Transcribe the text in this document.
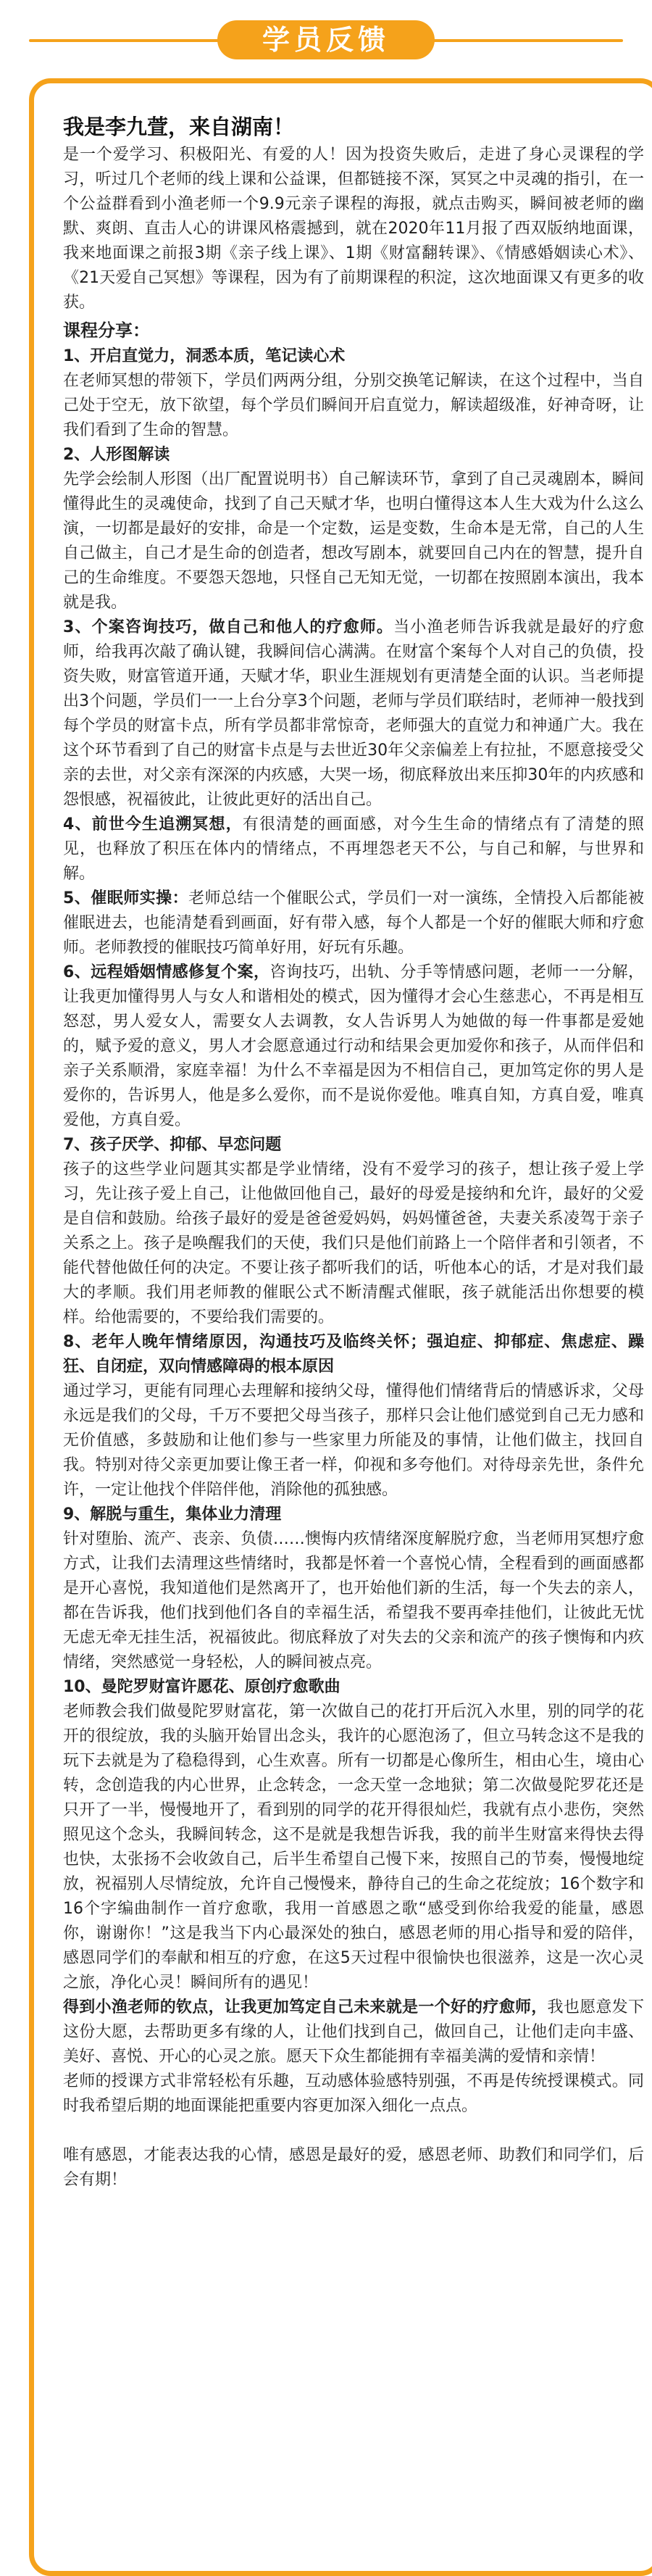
学员反馈
我是李九萱，来自湖南！

是一个爱学习、积极阳光、有爱的人！因为投资失败后，走进了身心灵课程的学习，听过几个老师的线上课和公益课，但都链接不深，冥冥之中灵魂的指引，在一个公益群看到小渔老师一个9.9元亲子课程的海报，就点击购买，瞬间被老师的幽默、爽朗、直击人心的讲课风格震撼到，就在2020年11月报了西双版纳地面课，我来地面课之前报3期《亲子线上课》、1期《财富翻转课》、《情感婚姻读心术》、《21天爱自己冥想》等课程，因为有了前期课程的积淀，这次地面课又有更多的收获。

课程分享：
1、开启直觉力，洞悉本质，笔记读心术

在老师冥想的带领下，学员们两两分组，分别交换笔记解读，在这个过程中，当自己处于空无，放下欲望，每个学员们瞬间开启直觉力，解读超级准，好神奇呀，让我们看到了生命的智慧。

2、人形图解读

先学会绘制人形图（出厂配置说明书）自己解读环节，拿到了自己灵魂剧本，瞬间懂得此生的灵魂使命，找到了自己天赋才华，也明白懂得这本人生大戏为什么这么演，一切都是最好的安排，命是一个定数，运是变数，生命本是无常，自己的人生自己做主，自己才是生命的创造者，想改写剧本，就要回自己内在的智慧，提升自己的生命维度。不要怨天怨地，只怪自己无知无觉，一切都在按照剧本演出，我本就是我。

3、个案咨询技巧，做自己和他人的疗愈师。当小渔老师告诉我就是最好的疗愈师，给我再次敲了确认键，我瞬间信心满满。在财富个案每个人对自己的负债，投资失败，财富管道开通，天赋才华，职业生涯规划有更清楚全面的认识。当老师提出3个问题，学员们一一上台分享3个问题，老师与学员们联结时，老师神一般找到每个学员的财富卡点，所有学员都非常惊奇，老师强大的直觉力和神通广大。我在这个环节看到了自己的财富卡点是与去世近30年父亲偏差上有拉扯，不愿意接受父亲的去世，对父亲有深深的内疚感，大哭一场，彻底释放出来压抑30年的内疚感和怨恨感，祝福彼此，让彼此更好的活出自己。

4、前世今生追溯冥想，有很清楚的画面感，对今生生命的情绪点有了清楚的照见，也释放了积压在体内的情绪点，不再埋怨老天不公，与自己和解，与世界和解。

5、催眠师实操：老师总结一个催眠公式，学员们一对一演练，全情投入后都能被催眠进去，也能清楚看到画面，好有带入感，每个人都是一个好的催眠大师和疗愈师。老师教授的催眠技巧简单好用，好玩有乐趣。

6、远程婚姻情感修复个案，咨询技巧，出轨、分手等情感问题，老师一一分解，让我更加懂得男人与女人和谐相处的模式，因为懂得才会心生慈悲心，不再是相互怒怼，男人爱女人，需要女人去调教，女人告诉男人为她做的每一件事都是爱她的，赋予爱的意义，男人才会愿意通过行动和结果会更加爱你和孩子，从而伴侣和亲子关系顺滑，家庭幸福！为什么不幸福是因为不相信自己，更加笃定你的男人是爱你的，告诉男人，他是多么爱你，而不是说你爱他。唯真自知，方真自爱，唯真爱他，方真自爱。

7、孩子厌学、抑郁、早恋问题

孩子的这些学业问题其实都是学业情绪，没有不爱学习的孩子，想让孩子爱上学习，先让孩子爱上自己，让他做回他自己，最好的母爱是接纳和允许，最好的父爱是自信和鼓励。给孩子最好的爱是爸爸爱妈妈，妈妈懂爸爸，夫妻关系凌驾于亲子关系之上。孩子是唤醒我们的天使，我们只是他们前路上一个陪伴者和引领者，不能代替他做任何的决定。不要让孩子都听我们的话，听他本心的话，才是对我们最大的孝顺。我们用老师教的催眠公式不断清醒式催眠，孩子就能活出你想要的模样。给他需要的，不要给我们需要的。

8、老年人晚年情绪原因，沟通技巧及临终关怀；强迫症、抑郁症、焦虑症、躁狂、自闭症，双向情感障碍的根本原因

通过学习，更能有同理心去理解和接纳父母，懂得他们情绪背后的情感诉求，父母永远是我们的父母，千万不要把父母当孩子，那样只会让他们感觉到自己无力感和无价值感，多鼓励和让他们参与一些家里力所能及的事情，让他们做主，找回自我。特别对待父亲更加要让像王者一样，仰视和多夸他们。对待母亲先世，条件允许，一定让他找个伴陪伴他，消除他的孤独感。

9、解脱与重生，集体业力清理

针对堕胎、流产、丧亲、负债……懊悔内疚情绪深度解脱疗愈，当老师用冥想疗愈方式，让我们去清理这些情绪时，我都是怀着一个喜悦心情，全程看到的画面感都是开心喜悦，我知道他们是然离开了，也开始他们新的生活，每一个失去的亲人，都在告诉我，他们找到他们各自的幸福生活，希望我不要再牵挂他们，让彼此无忧无虑无牵无挂生活，祝福彼此。彻底释放了对失去的父亲和流产的孩子懊悔和内疚情绪，突然感觉一身轻松，人的瞬间被点亮。

10、曼陀罗财富许愿花、原创疗愈歌曲

老师教会我们做曼陀罗财富花，第一次做自己的花打开后沉入水里，别的同学的花开的很绽放，我的头脑开始冒出念头，我许的心愿泡汤了，但立马转念这不是我的玩下去就是为了稳稳得到，心生欢喜。所有一切都是心像所生，相由心生，境由心转，念创造我的内心世界，止念转念，一念天堂一念地狱；第二次做曼陀罗花还是只开了一半，慢慢地开了，看到别的同学的花开得很灿烂，我就有点小悲伤，突然照见这个念头，我瞬间转念，这不是就是我想告诉我，我的前半生财富来得快去得也快，太张扬不会收敛自己，后半生希望自己慢下来，按照自己的节奏，慢慢地绽放，祝福别人尽情绽放，允许自己慢慢来，静待自己的生命之花绽放；16个数字和16个字编曲制作一首疗愈歌，我用一首感恩之歌“感受到你给我爱的能量，感恩你，谢谢你！”这是我当下内心最深处的独白，感恩老师的用心指导和爱的陪伴，感恩同学们的奉献和相互的疗愈，在这5天过程中很愉快也很滋养，这是一次心灵之旅，净化心灵！瞬间所有的遇见！

得到小渔老师的钦点，让我更加笃定自己未来就是一个好的疗愈师，我也愿意发下这份大愿，去帮助更多有缘的人，让他们找到自己，做回自己，让他们走向丰盛、美好、喜悦、开心的心灵之旅。愿天下众生都能拥有幸福美满的爱情和亲情！

老师的授课方式非常轻松有乐趣，互动感体验感特别强，不再是传统授课模式。同时我希望后期的地面课能把重要内容更加深入细化一点点。

唯有感恩，才能表达我的心情，感恩是最好的爱，感恩老师、助教们和同学们，后会有期！
